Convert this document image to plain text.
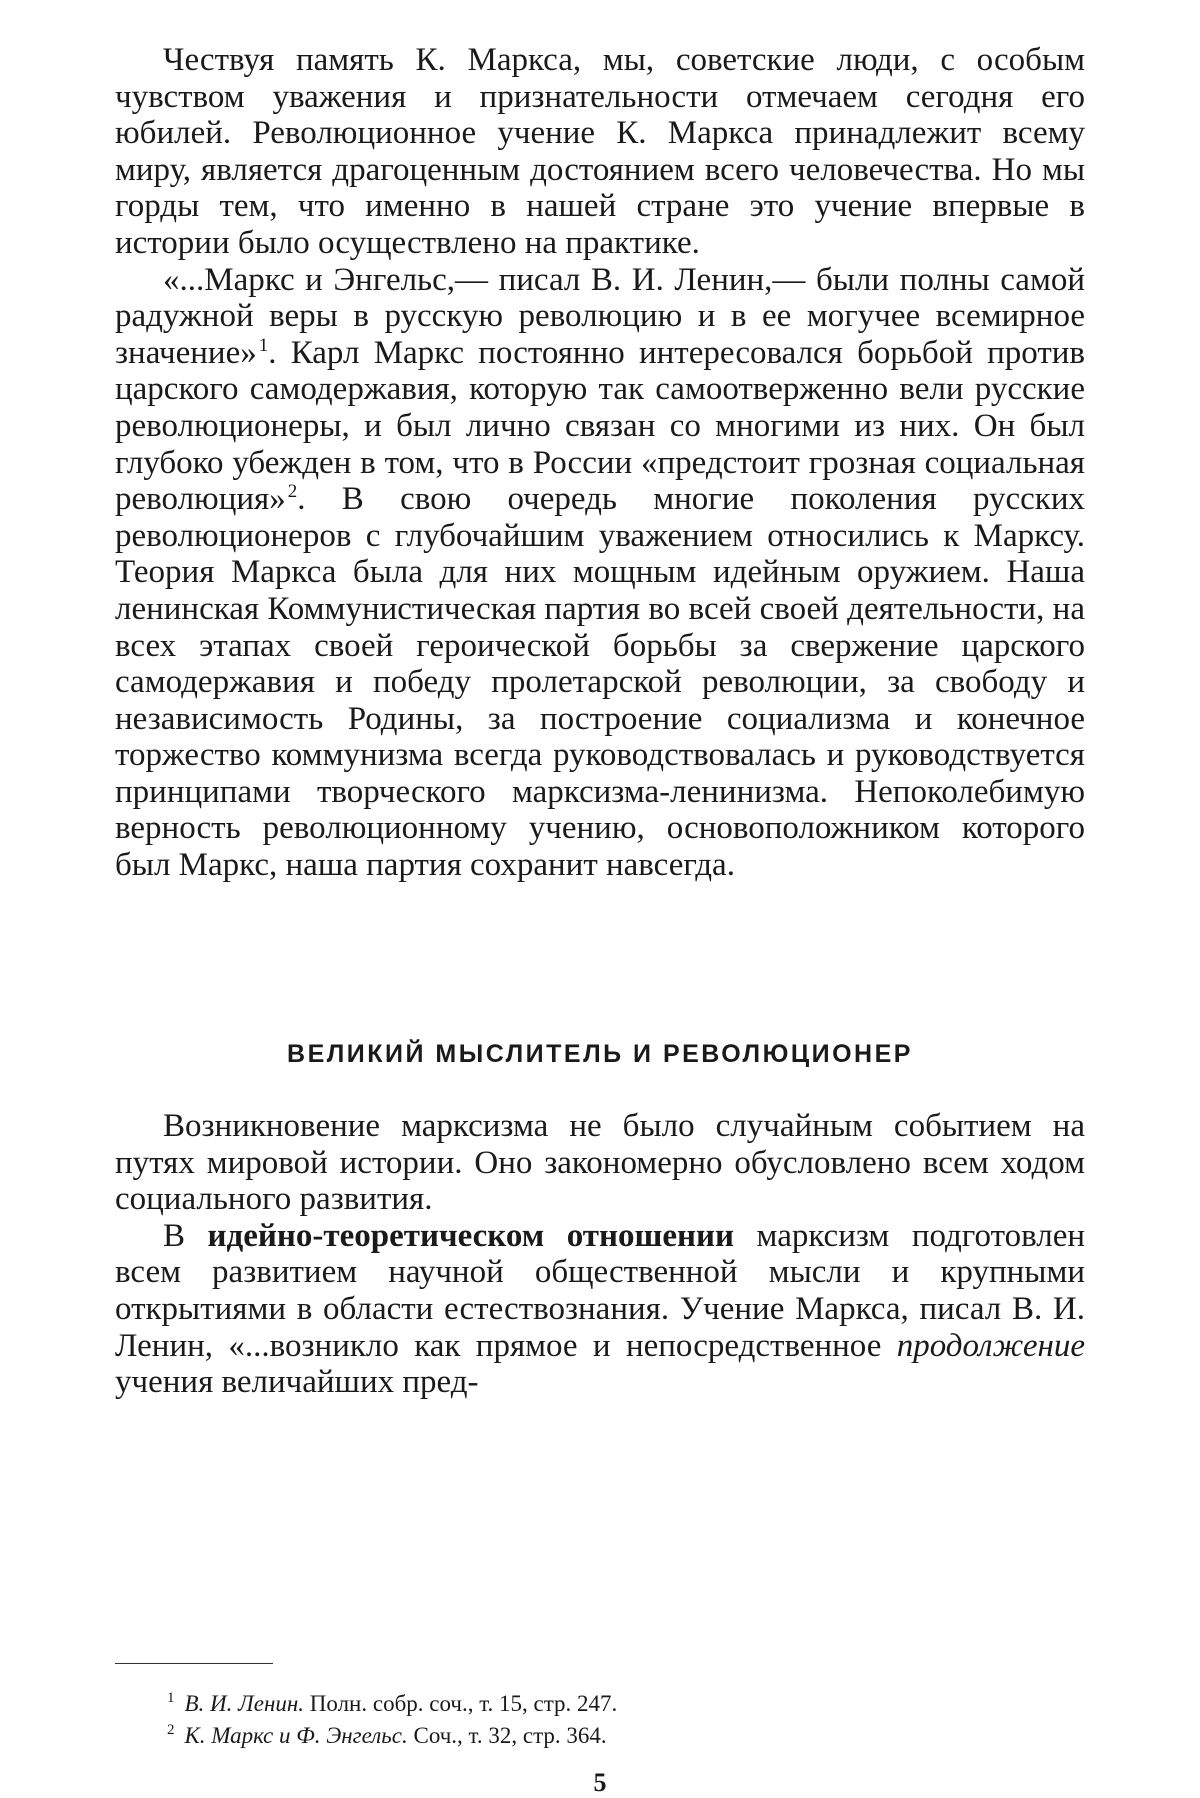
Чествуя память К. Маркса, мы, советские люди, с особым чувством уважения и признательности отмечаем сегодня его юбилей. Революционное учение К. Маркса принадлежит всему миру, является драгоценным достоянием всего человечества. Но мы горды тем, что именно в нашей стране это учение впервые в истории было осуществлено на практике.

«...Маркс и Энгельс,— писал В. И. Ленин,— были полны самой радужной веры в русскую революцию и в ее могучее всемирное значение» $^1$. Карл Маркс постоянно интересовался борьбой против царского самодержавия, которую так самоотверженно вели русские революционеры, и был лично связан со многими из них. Он был глубоко убежден в том, что в России «предстоит грозная социальная революция» $^2$. В свою очередь многие поколения русских революционеров с глубочайшим уважением относились к Марксу. Теория Маркса была для них мощным идейным оружием. Наша ленинская Коммунистическая партия во всей своей деятельности, на всех этапах своей героической борьбы за свержение царского самодержавия и победу пролетарской революции, за свободу и независимость Родины, за построение социализма и конечное торжество коммунизма всегда руководствовалась и руководствуется принципами творческого марксизма-ленинизма. Непоколебимую верность революционному учению, основоположником которого был Маркс, наша партия сохранит навсегда.

ВЕЛИКИЙ МЫСЛИТЕЛЬ И РЕВОЛЮЦИОНЕР

Возникновение марксизма не было случайным событием на путях мировой истории. Оно закономерно обусловлено всем ходом социального развития.

В идейно-теоретическом отношении марксизм подготовлен всем развитием научной общественной мысли и крупными открытиями в области естествознания. Учение Маркса, писал В. И. Ленин, «...возникло как прямое и непосредственное продолжение учения величайших пред-

$^1$ В. И. Ленин. Полн. собр. соч., т. 15, стр. 247.

$^2$ К. Маркс и Ф. Энгельс. Соч., т. 32, стр. 364.

5
